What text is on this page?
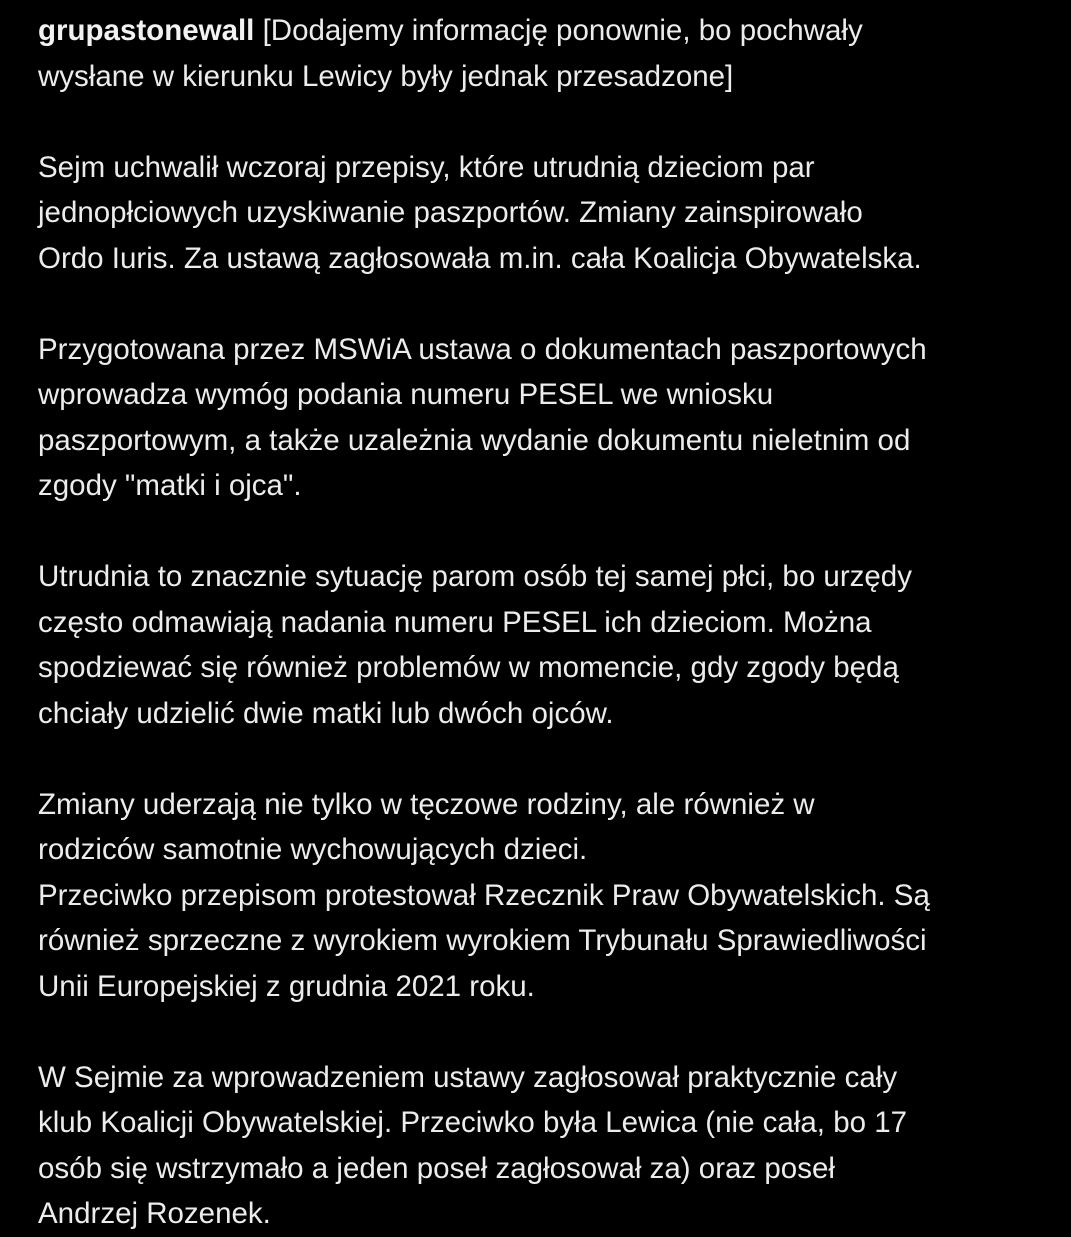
grupastonewall [Dodajemy informację ponownie, bo pochwały
wysłane w kierunku Lewicy były jednak przesadzone]

Sejm uchwalił wczoraj przepisy, które utrudnią dzieciom par
jednopłciowych uzyskiwanie paszportów. Zmiany zainspirowało
Ordo Iuris. Za ustawą zagłosowała m.in. cała Koalicja Obywatelska.

Przygotowana przez MSWiA ustawa o dokumentach paszportowych
wprowadza wymóg podania numeru PESEL we wniosku
paszportowym, a także uzależnia wydanie dokumentu nieletnim od
zgody "matki i ojca".

Utrudnia to znacznie sytuację parom osób tej samej płci, bo urzędy
często odmawiają nadania numeru PESEL ich dzieciom. Można
spodziewać się również problemów w momencie, gdy zgody będą
chciały udzielić dwie matki lub dwóch ojców.

Zmiany uderzają nie tylko w tęczowe rodziny, ale również w
rodziców samotnie wychowujących dzieci.
Przeciwko przepisom protestował Rzecznik Praw Obywatelskich. Są
również sprzeczne z wyrokiem wyrokiem Trybunału Sprawiedliwości
Unii Europejskiej z grudnia 2021 roku.

W Sejmie za wprowadzeniem ustawy zagłosował praktycznie cały
klub Koalicji Obywatelskiej. Przeciwko była Lewica (nie cała, bo 17
osób się wstrzymało a jeden poseł zagłosował za) oraz poseł
Andrzej Rozenek.
